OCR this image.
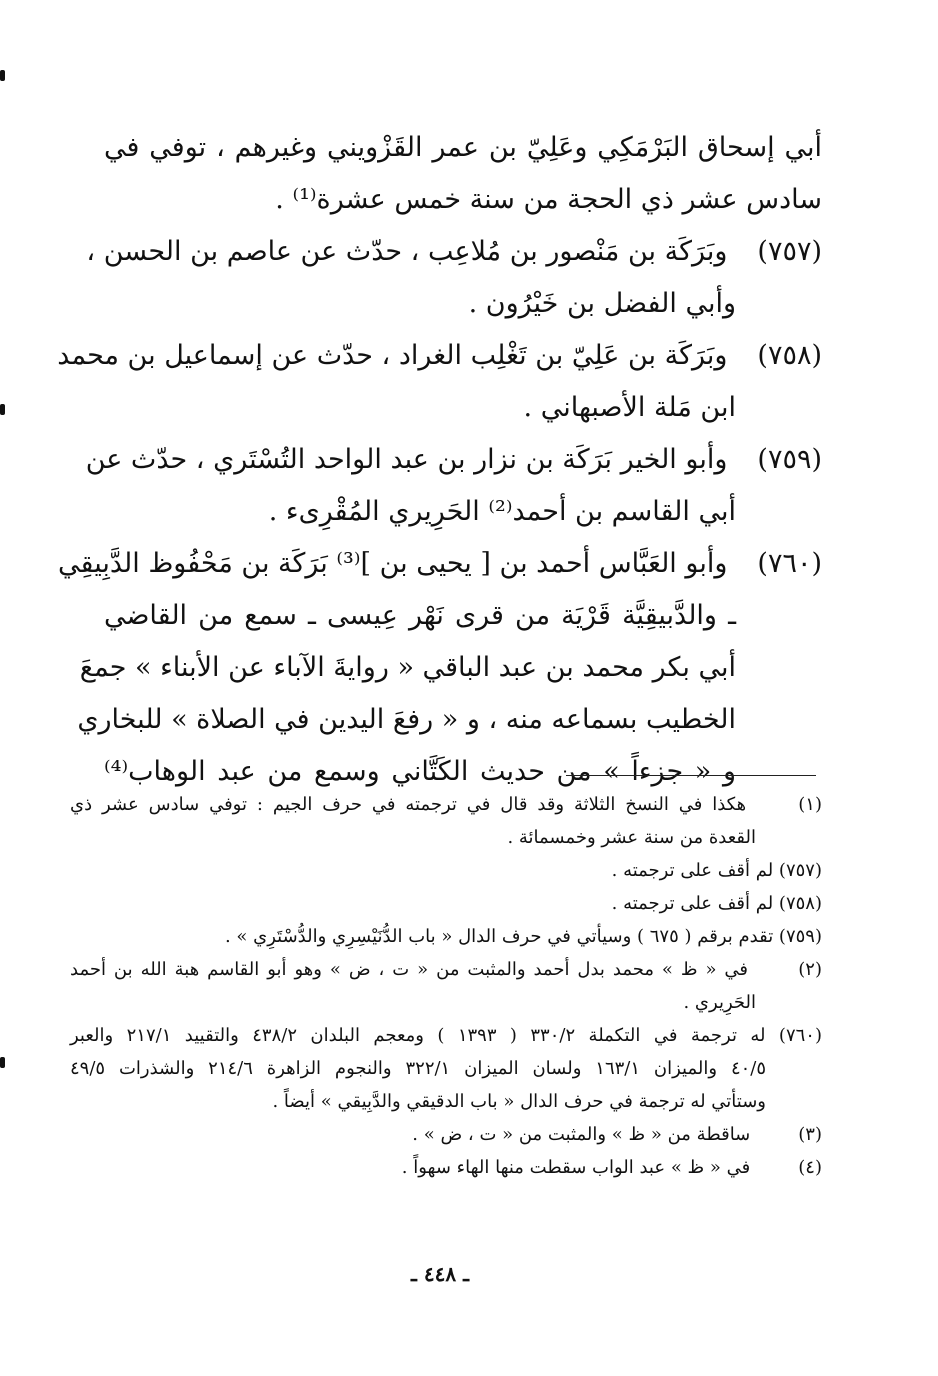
أبي إسحاق البَرْمَكِي وعَلِيّ بن عمر القَزْويني وغيرهم ، توفي في
سادس عشر ذي الحجة من سنة خمس عشرة⁽¹⁾ .
(٧٥٧) وبَرَكَة بن مَنْصور بن مُلاعِب ، حدّث عن عاصم بن الحسن ،
وأبي الفضل بن خَيْرُون .
(٧٥٨) وبَرَكَة بن عَلِيّ بن تَغْلِب الغراد ، حدّث عن إسماعيل بن محمد
ابن مَلة الأصبهاني .
(٧٥٩) وأبو الخير بَرَكَة بن نزار بن عبد الواحد التُسْتَري ، حدّث عن
أبي القاسم بن أحمد⁽²⁾ الحَرِيري المُقْرِىء .
(٧٦٠) وأبو العَبَّاس أحمد بن [ يحيى بن ]⁽³⁾ بَرَكَة بن مَحْفُوظ الدَّبِيقِي
ـ والدَّبيقِيَّة قَرْيَة من قرى نَهْر عِيسى ـ سمع من القاضي
أبي بكر محمد بن عبد الباقي « روايةَ الآباء عن الأبناء » جمعَ
الخطيب بسماعه منه ، و « رفعَ اليدين في الصلاة » للبخاري
و « جزءاً » من حديث الكَتَّاني وسمع من عبد الوهاب⁽⁴⁾
(١) هكذا في النسخ الثلاثة وقد قال في ترجمته في حرف الجيم : توفي سادس عشر ذي
القعدة من سنة عشر وخمسمائة .
(٧٥٧) لم أقف على ترجمته .
(٧٥٨) لم أقف على ترجمته .
(٧٥٩) تقدم برقم ( ٦٧٥ ) وسيأتي في حرف الدال « باب الدُّنَيْسِرِي والدُّسْتَرِي » .
(٢) في « ظ » محمد بدل أحمد والمثبت من « ت ، ض » وهو أبو القاسم هبة الله بن أحمد
الحَرِيري .
(٧٦٠) له ترجمة في التكملة ٣٣٠/٢ ( ١٣٩٣ ) ومعجم البلدان ٤٣٨/٢ والتقييد ٢١٧/١ والعبر
٤٠/٥ والميزان ١٦٣/١ ولسان الميزان ٣٢٢/١ والنجوم الزاهرة ٢١٤/٦ والشذرات ٤٩/٥
وستأتي له ترجمة في حرف الدال « باب الدقيقي والدَّبِيقي » أيضاً .
(٣) ساقطة من « ظ » والمثبت من « ت ، ض » .
(٤) في « ظ » عبد الواب سقطت منها الهاء سهواً .
ـ ٤٤٨ ـ
